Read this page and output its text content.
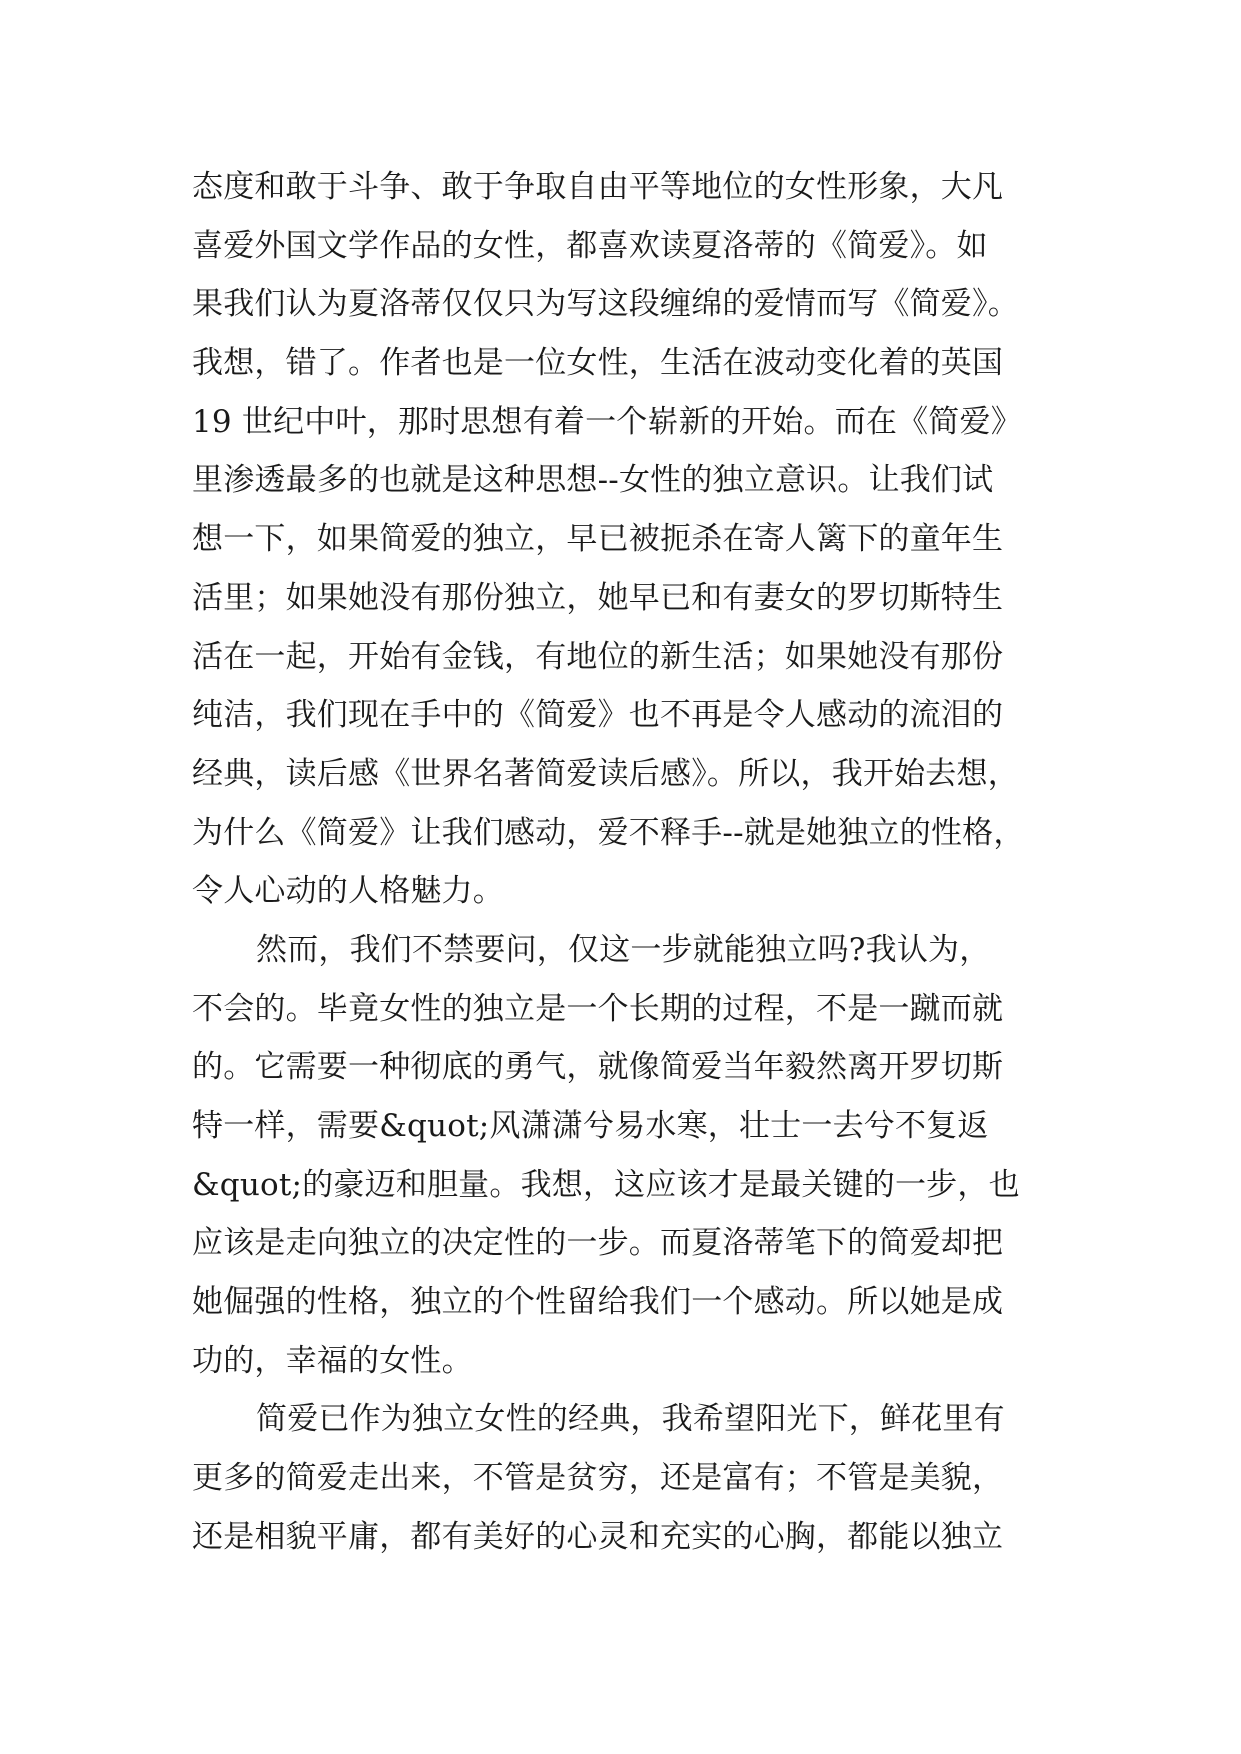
态度和敢于斗争、敢于争取自由平等地位的女性形象，大凡
喜爱外国文学作品的女性，都喜欢读夏洛蒂的《简爱》。如
果我们认为夏洛蒂仅仅只为写这段缠绵的爱情而写《简爱》。
我想，错了。作者也是一位女性，生活在波动变化着的英国
19 世纪中叶，那时思想有着一个崭新的开始。而在《简爱》
里渗透最多的也就是这种思想--女性的独立意识。让我们试
想一下，如果简爱的独立，早已被扼杀在寄人篱下的童年生
活里；如果她没有那份独立，她早已和有妻女的罗切斯特生
活在一起，开始有金钱，有地位的新生活；如果她没有那份
纯洁，我们现在手中的《简爱》也不再是令人感动的流泪的
经典，读后感《世界名著简爱读后感》。所以，我开始去想，
为什么《简爱》让我们感动，爱不释手--就是她独立的性格，
令人心动的人格魅力。
然而，我们不禁要问，仅这一步就能独立吗?我认为，
不会的。毕竟女性的独立是一个长期的过程，不是一蹴而就
的。它需要一种彻底的勇气，就像简爱当年毅然离开罗切斯
特一样，需要&quot;风潇潇兮易水寒，壮士一去兮不复返
&quot;的豪迈和胆量。我想，这应该才是最关键的一步，也
应该是走向独立的决定性的一步。而夏洛蒂笔下的简爱却把
她倔强的性格，独立的个性留给我们一个感动。所以她是成
功的，幸福的女性。
简爱已作为独立女性的经典，我希望阳光下，鲜花里有
更多的简爱走出来，不管是贫穷，还是富有；不管是美貌，
还是相貌平庸，都有美好的心灵和充实的心胸，都能以独立
